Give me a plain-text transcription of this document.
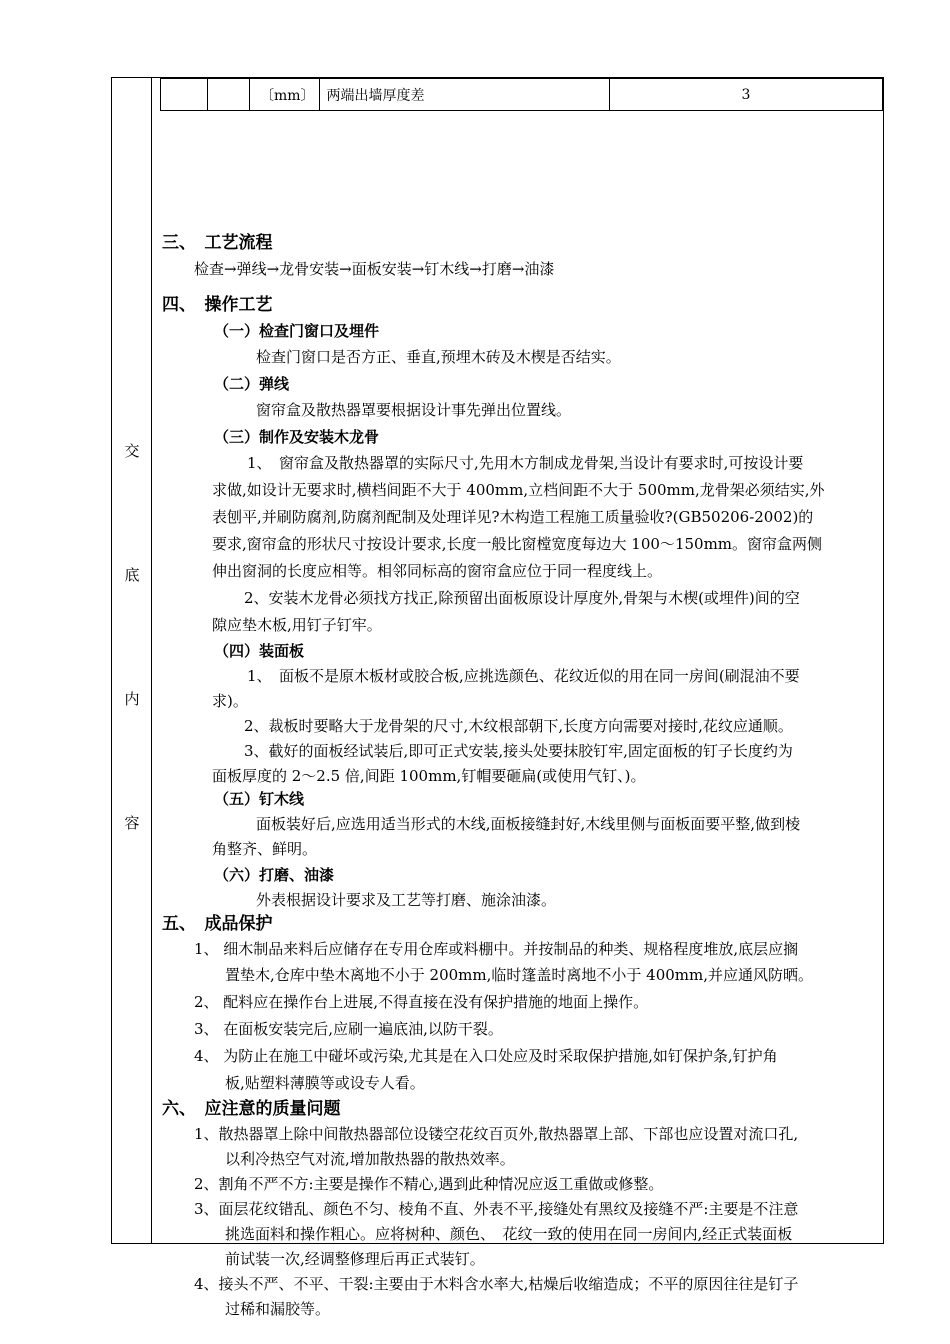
交
底
内
容
			〔mm〕 两端出墙厚度差	3
三、　工艺流程
检查→弹线→龙骨安装→面板安装→钉木线→打磨→油漆
四、　操作工艺
（一）检查门窗口及埋件
检查门窗口是否方正、垂直,预埋木砖及木楔是否结实。
（二）弹线
窗帘盒及散热器罩要根据设计事先弹出位置线。
（三）制作及安装木龙骨
1、　窗帘盒及散热器罩的实际尺寸,先用木方制成龙骨架,当设计有要求时,可按设计要
求做,如设计无要求时,横档间距不大于 400mm,立档间距不大于 500mm,龙骨架必须结实,外
表刨平,并刷防腐剂,防腐剂配制及处理详见?木构造工程施工质量验收?(GB50206-2002)的
要求,窗帘盒的形状尺寸按设计要求,长度一般比窗樘宽度每边大 100～150mm。窗帘盒两侧
伸出窗洞的长度应相等。相邻同标高的窗帘盒应位于同一程度线上。
2、安装木龙骨必须找方找正,除预留出面板原设计厚度外,骨架与木楔(或埋件)间的空
隙应垫木板,用钉子钉牢。
（四）装面板
1、　面板不是原木板材或胶合板,应挑选颜色、花纹近似的用在同一房间(刷混油不要
求)。
2、裁板时要略大于龙骨架的尺寸,木纹根部朝下,长度方向需要对接时,花纹应通顺。
3、截好的面板经试装后,即可正式安装,接头处要抹胶钉牢,固定面板的钉子长度约为
面板厚度的 2～2.5 倍,间距 100mm,钉帽要砸扁(或使用气钉、)。
（五）钉木线
面板装好后,应选用适当形式的木线,面板接缝封好,木线里侧与面板面要平整,做到棱
角整齐、鲜明。
（六）打磨、油漆
外表根据设计要求及工艺等打磨、施涂油漆。
五、　成品保护
1、 细木制品来料后应储存在专用仓库或料棚中。并按制品的种类、规格程度堆放,底层应搁
置垫木,仓库中垫木离地不小于 200mm,临时篷盖时离地不小于 400mm,并应通风防晒。
2、 配料应在操作台上进展,不得直接在没有保护措施的地面上操作。
3、 在面板安装完后,应刷一遍底油,以防干裂。
4、 为防止在施工中碰坏或污染,尤其是在入口处应及时采取保护措施,如钉保护条,钉护角
板,贴塑料薄膜等或设专人看。
六、　应注意的质量问题
1、散热器罩上除中间散热器部位设镂空花纹百页外,散热器罩上部、下部也应设置对流口孔,
以利冷热空气对流,增加散热器的散热效率。
2、割角不严不方:主要是操作不精心,遇到此种情况应返工重做或修整。
3、面层花纹错乱、颜色不匀、棱角不直、外表不平,接缝处有黑纹及接缝不严:主要是不注意
挑选面料和操作粗心。应将树种、颜色、　花纹一致的使用在同一房间内,经正式装面板
前试装一次,经调整修理后再正式装钉。
4、接头不严、不平、干裂:主要由于木料含水率大,枯燥后收缩造成；不平的原因往往是钉子
过稀和漏胶等。
